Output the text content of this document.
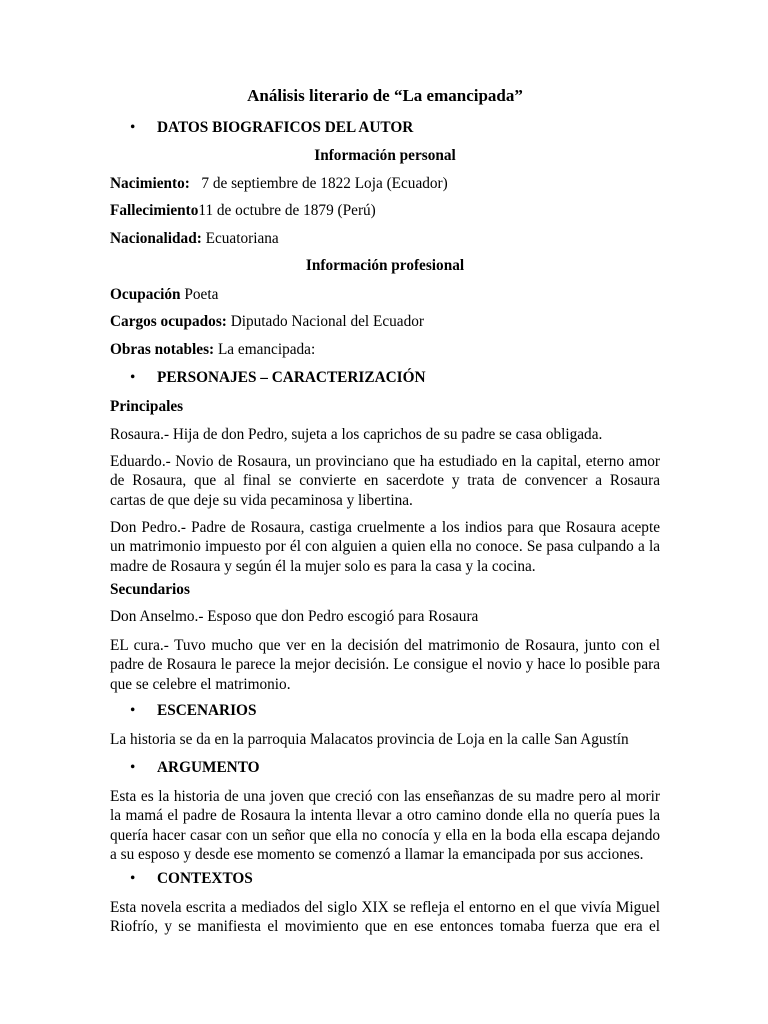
Análisis literario de “La emancipada”
• DATOS BIOGRAFICOS DEL AUTOR
Información personal
Nacimiento: 7 de septiembre de 1822 Loja (Ecuador)
Fallecimiento11 de octubre de 1879 (Perú)
Nacionalidad: Ecuatoriana
Información profesional
Ocupación Poeta
Cargos ocupados: Diputado Nacional del Ecuador
Obras notables: La emancipada:
• PERSONAJES – CARACTERIZACIÓN
Principales
Rosaura.- Hija de don Pedro, sujeta a los caprichos de su padre se casa obligada.
Eduardo.- Novio de Rosaura, un provinciano que ha estudiado en la capital, eterno amor
de Rosaura, que al final se convierte en sacerdote y trata de convencer a Rosaura
cartas de que deje su vida pecaminosa y libertina.
Don Pedro.- Padre de Rosaura, castiga cruelmente a los indios para que Rosaura acepte
un matrimonio impuesto por él con alguien a quien ella no conoce. Se pasa culpando a la
madre de Rosaura y según él la mujer solo es para la casa y la cocina.
Secundarios
Don Anselmo.- Esposo que don Pedro escogió para Rosaura
EL cura.- Tuvo mucho que ver en la decisión del matrimonio de Rosaura, junto con el
padre de Rosaura le parece la mejor decisión. Le consigue el novio y hace lo posible para
que se celebre el matrimonio.
• ESCENARIOS
La historia se da en la parroquia Malacatos provincia de Loja en la calle San Agustín
• ARGUMENTO
Esta es la historia de una joven que creció con las enseñanzas de su madre pero al morir
la mamá el padre de Rosaura la intenta llevar a otro camino donde ella no quería pues la
quería hacer casar con un señor que ella no conocía y ella en la boda ella escapa dejando
a su esposo y desde ese momento se comenzó a llamar la emancipada por sus acciones.
• CONTEXTOS
Esta novela escrita a mediados del siglo XIX se refleja el entorno en el que vivía Miguel
Riofrío, y se manifiesta el movimiento que en ese entonces tomaba fuerza que era el
